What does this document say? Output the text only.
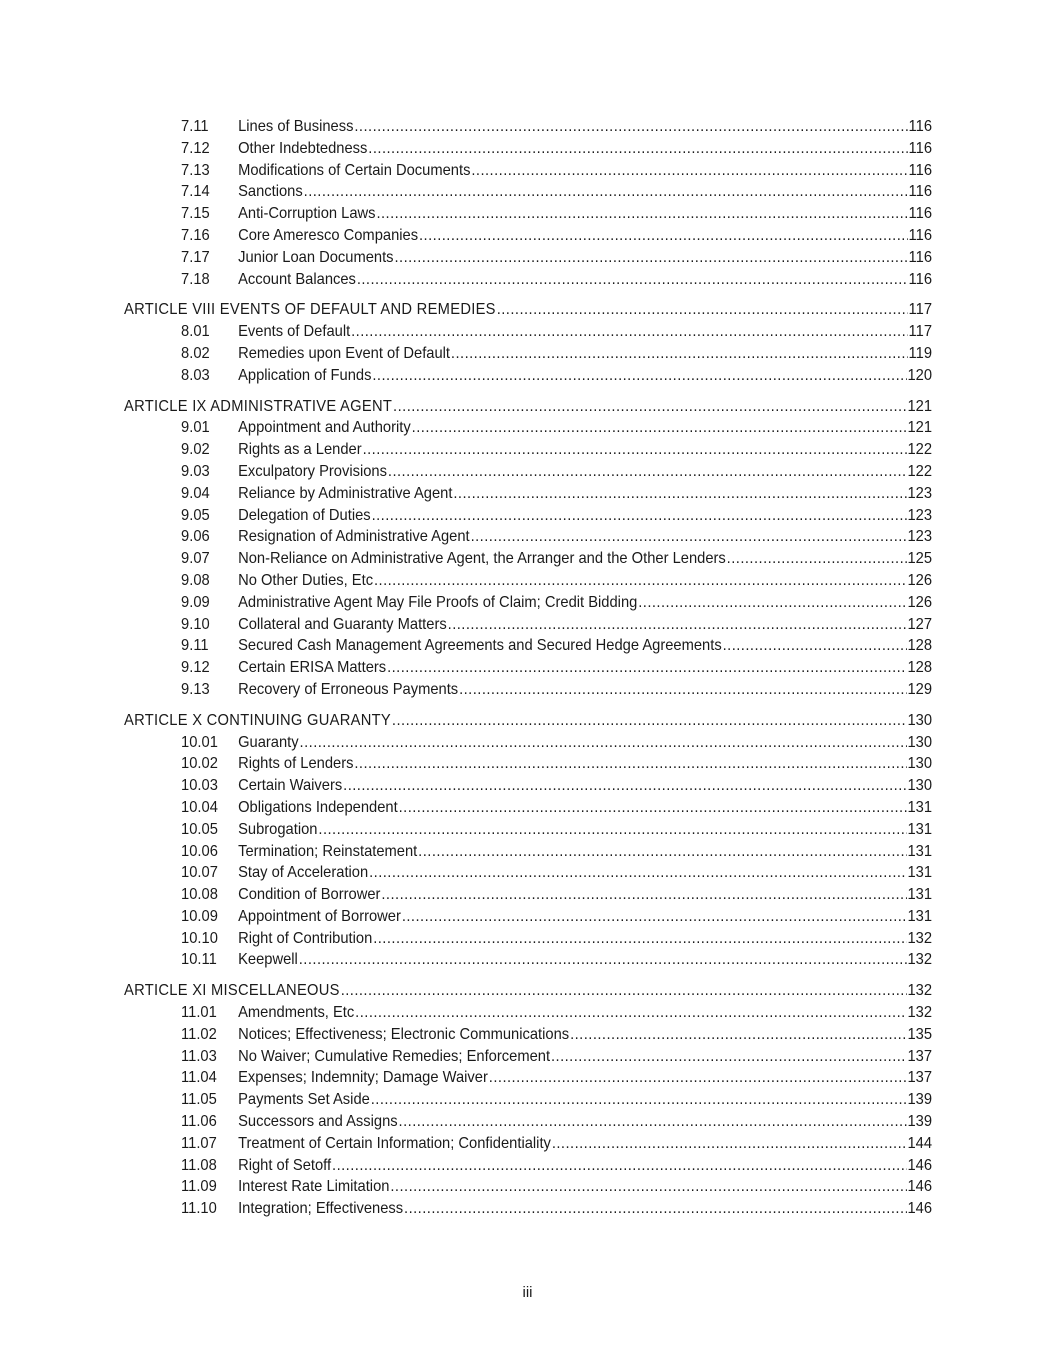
7.11	Lines of Business .....	116
7.12	Other Indebtedness .....	116
7.13	Modifications of Certain Documents .....	116
7.14	Sanctions .....	116
7.15	Anti-Corruption Laws .....	116
7.16	Core Ameresco Companies .....	116
7.17	Junior Loan Documents .....	116
7.18	Account Balances .....	116
ARTICLE VIII EVENTS OF DEFAULT AND REMEDIES .....	117
8.01	Events of Default .....	117
8.02	Remedies upon Event of Default .....	119
8.03	Application of Funds .....	120
ARTICLE IX ADMINISTRATIVE AGENT .....	121
9.01	Appointment and Authority .....	121
9.02	Rights as a Lender .....	122
9.03	Exculpatory Provisions .....	122
9.04	Reliance by Administrative Agent .....	123
9.05	Delegation of Duties .....	123
9.06	Resignation of Administrative Agent .....	123
9.07	Non-Reliance on Administrative Agent, the Arranger and the Other Lenders .....	125
9.08	No Other Duties, Etc .....	126
9.09	Administrative Agent May File Proofs of Claim; Credit Bidding .....	126
9.10	Collateral and Guaranty Matters .....	127
9.11	Secured Cash Management Agreements and Secured Hedge Agreements .....	128
9.12	Certain ERISA Matters .....	128
9.13	Recovery of Erroneous Payments .....	129
ARTICLE X CONTINUING GUARANTY .....	130
10.01	Guaranty .....	130
10.02	Rights of Lenders .....	130
10.03	Certain Waivers .....	130
10.04	Obligations Independent .....	131
10.05	Subrogation .....	131
10.06	Termination; Reinstatement .....	131
10.07	Stay of Acceleration .....	131
10.08	Condition of Borrower .....	131
10.09	Appointment of Borrower .....	131
10.10	Right of Contribution .....	132
10.11	Keepwell .....	132
ARTICLE XI MISCELLANEOUS .....	132
11.01	Amendments, Etc .....	132
11.02	Notices; Effectiveness; Electronic Communications .....	135
11.03	No Waiver; Cumulative Remedies; Enforcement .....	137
11.04	Expenses; Indemnity; Damage Waiver .....	137
11.05	Payments Set Aside .....	139
11.06	Successors and Assigns .....	139
11.07	Treatment of Certain Information; Confidentiality .....	144
11.08	Right of Setoff .....	146
11.09	Interest Rate Limitation .....	146
11.10	Integration; Effectiveness .....	146
iii
